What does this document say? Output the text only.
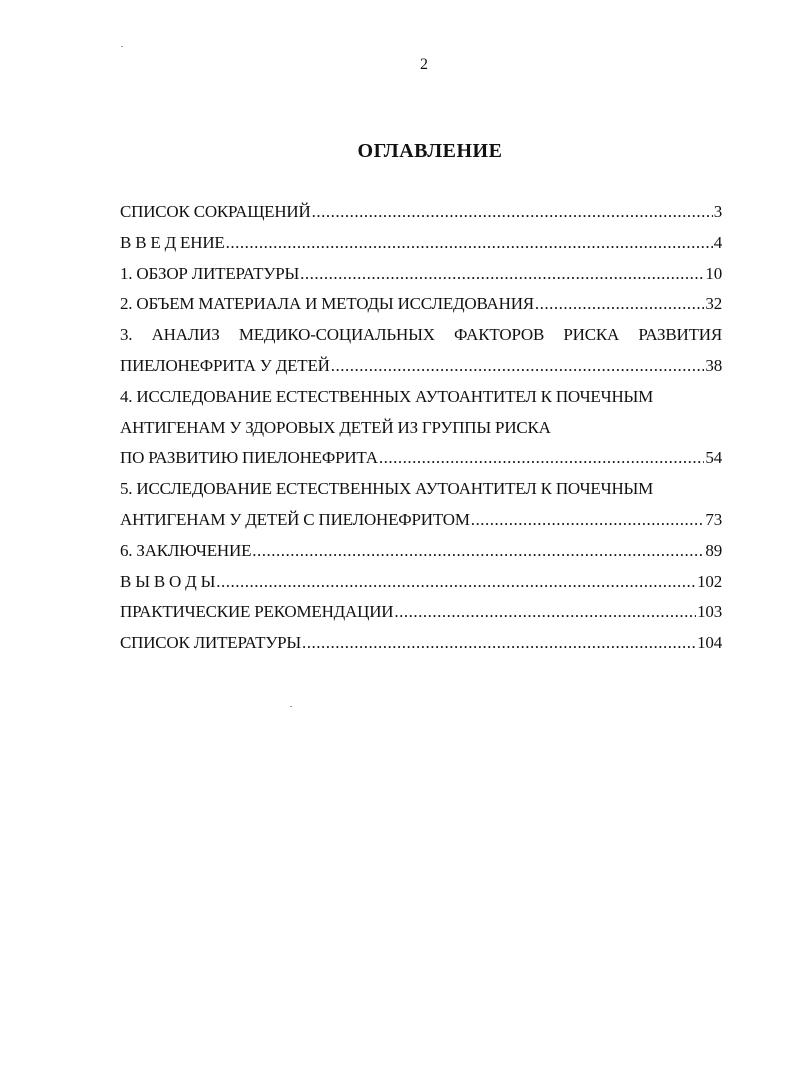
2
ОГЛАВЛЕНИЕ
СПИСОК СОКРАЩЕНИЙ .....	3
В В Е Д ЕНИЕ .....	4
1. ОБЗОР ЛИТЕРАТУРЫ .....	10
2. ОБЪЕМ МАТЕРИАЛА И МЕТОДЫ ИССЛЕДОВАНИЯ .....	32
3. АНАЛИЗ МЕДИКО-СОЦИАЛЬНЫХ ФАКТОРОВ РИСКА РАЗВИТИЯ
ПИЕЛОНЕФРИТА У ДЕТЕЙ .....	38
4. ИССЛЕДОВАНИЕ ЕСТЕСТВЕННЫХ АУТОАНТИТЕЛ К ПОЧЕЧНЫМ
АНТИГЕНАМ У ЗДОРОВЫХ ДЕТЕЙ ИЗ ГРУППЫ РИСКА
ПО РАЗВИТИЮ ПИЕЛОНЕФРИТА .....	54
5. ИССЛЕДОВАНИЕ ЕСТЕСТВЕННЫХ АУТОАНТИТЕЛ К ПОЧЕЧНЫМ
АНТИГЕНАМ У ДЕТЕЙ С ПИЕЛОНЕФРИТОМ .....	73
6. ЗАКЛЮЧЕНИЕ .....	89
В Ы В О Д Ы .....	102
ПРАКТИЧЕСКИЕ РЕКОМЕНДАЦИИ .....	103
СПИСОК ЛИТЕРАТУРЫ .....	104
